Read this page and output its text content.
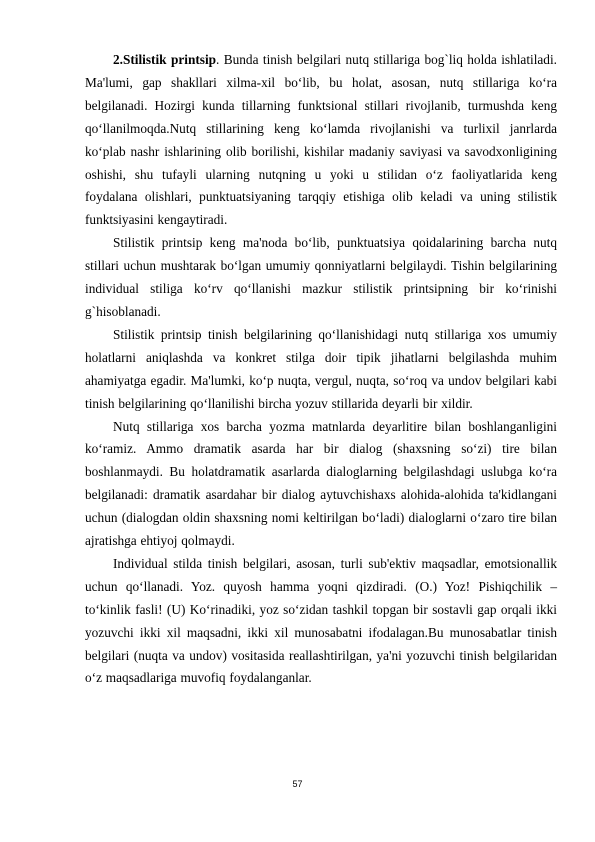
2.Stilistik printsip. Bunda tinish belgilari nutq stillariga bog`liq holda ishlatiladi. Ma'lumi, gap shakllari xilma-xil bo‘lib, bu holat, asosan, nutq stillariga ko‘ra belgilanadi. Hozirgi kunda tillarning funktsional stillari rivojlanib, turmushda keng qo‘llanilmoqda.Nutq stillarining keng ko‘lamda rivojlanishi va turlixil janrlarda ko‘plab nashr ishlarining olib borilishi, kishilar madaniy saviyasi va savodxonligining oshishi, shu tufayli ularning nutqning u yoki u stilidan o‘z faoliyatlarida keng foydalana olishlari, punktuatsiyaning tarqqiy etishiga olib keladi va uning stilistik funktsiyasini kengaytiradi.

Stilistik printsip keng ma'noda bo‘lib, punktuatsiya qoidalarining barcha nutq stillari uchun mushtarak bo‘lgan umumiy qonniyatlarni belgilaydi. Tishin belgilarining individual stiliga ko‘rv qo‘llanishi mazkur stilistik printsipning bir ko‘rinishi g`hisoblanadi.

Stilistik printsip tinish belgilarining qo‘llanishidagi nutq stillariga xos umumiy holatlarni aniqlashda va konkret stilga doir tipik jihatlarni belgilashda muhim ahamiyatga egadir. Ma'lumki, ko‘p nuqta, vergul, nuqta, so‘roq va undov belgilari kabi tinish belgilarining qo‘llanilishi bircha yozuv stillarida deyarli bir xildir.

Nutq stillariga xos barcha yozma matnlarda deyarlitire bilan boshlanganligini ko‘ramiz. Ammo dramatik asarda har bir dialog (shaxsning so‘zi) tire bilan boshlanmaydi. Bu holatdramatik asarlarda dialoglarning belgilashdagi uslubga ko‘ra belgilanadi: dramatik asardahar bir dialog aytuvchishaxs alohida-alohida ta'kidlangani uchun (dialogdan oldin shaxsning nomi keltirilgan bo‘ladi) dialoglarni o‘zaro tire bilan ajratishga ehtiyoj qolmaydi.

Individual stilda tinish belgilari, asosan, turli sub'ektiv maqsadlar, emotsionallik uchun qo‘llanadi. Yoz. quyosh hamma yoqni qizdiradi. (O.) Yoz! Pishiqchilik – to‘kinlik fasli! (U) Ko‘rinadiki, yoz so‘zidan tashkil topgan bir sostavli gap orqali ikki yozuvchi ikki xil maqsadni, ikki xil munosabatni ifodalagan.Bu munosabatlar tinish belgilari (nuqta va undov) vositasida reallashtirilgan, ya'ni yozuvchi tinish belgilaridan o‘z maqsadlariga muvofiq foydalanganlar.

57
